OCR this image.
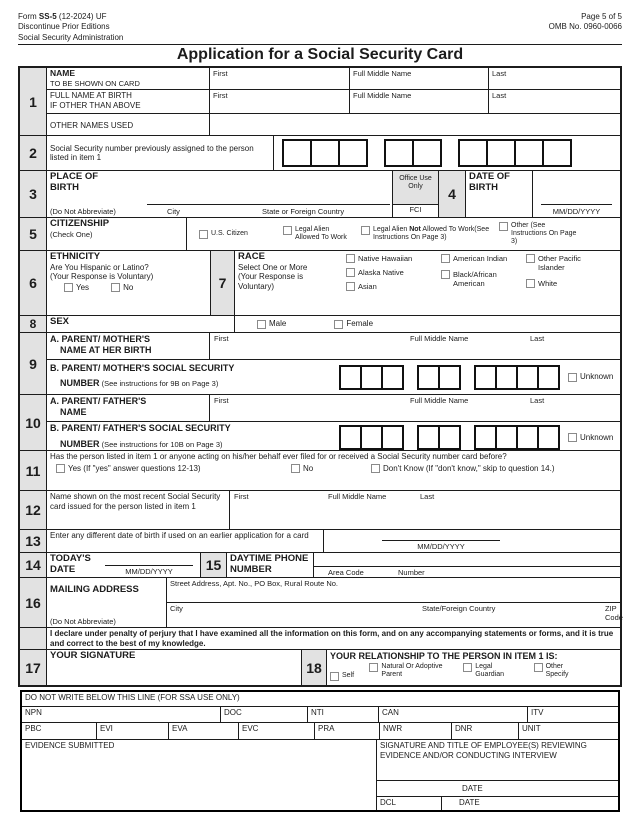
Form SS-5 (12-2024) UF
Discontinue Prior Editions
Social Security Administration
Page 5 of 5
OMB No. 0960-0066
Application for a Social Security Card
1
NAME
TO BE SHOWN ON CARD
First	Full Middle Name	Last
FULL NAME AT BIRTH
IF OTHER THAN ABOVE
First	Full Middle Name	Last
OTHER NAMES USED
2	Social Security number previously assigned to the person listed in item 1
3
PLACE OF BIRTH
(Do Not Abbreviate)	City	State or Foreign Country
Office Use Only
FCI
4
DATE OF BIRTH
MM/DD/YYYY
5
CITIZENSHIP
(Check One)	U.S. Citizen
Legal Alien Allowed To Work
Legal Alien Not Allowed To Work(See Instructions On Page 3)
Other (See Instructions On Page 3)
6
ETHNICITY
Are You Hispanic or Latino?
(Your Response is Voluntary)
Yes	No	7
RACE
Select One or More
(Your Response is Voluntary)
Native Hawaiian
Alaska Native
Asian
American Indian
Black/African American
Other Pacific Islander
White
8	SEX	Male	Female
9
A. PARENT/ MOTHER'S
NAME AT HER BIRTH
First	Full Middle Name	Last
B. PARENT/ MOTHER'S SOCIAL SECURITY
NUMBER (See instructions for 9B on Page 3)
Unknown
10
A. PARENT/ FATHER'S
NAME
First	Full Middle Name	Last
B. PARENT/ FATHER'S SOCIAL SECURITY
NUMBER (See instructions for 10B on Page 3)
Unknown
11
Has the person listed in item 1 or anyone acting on his/her behalf ever filed for or received a Social Security number card before?
Yes (If "yes" answer questions 12-13)	No	Don't Know (If "don't know," skip to question 14.)
12
Name shown on the most recent Social Security card issued for the person listed in item 1
First	Full Middle Name	Last
13	Enter any different date of birth if used on an earlier application for a card
MM/DD/YYYY
14 TODAY'S DATE	MM/DD/YYYY	15 DAYTIME PHONE NUMBER	Area Code	Number
16
MAILING ADDRESS
(Do Not Abbreviate)
Street Address, Apt. No., PO Box, Rural Route No.
City	State/Foreign Country	ZIP Code
I declare under penalty of perjury that I have examined all the information on this form, and on any accompanying statements or forms, and it is true and correct to the best of my knowledge.
17
YOUR SIGNATURE
18
YOUR RELATIONSHIP TO THE PERSON IN ITEM 1 IS:
Self
Natural Or Adoptive Parent
Legal Guardian
Other
Specify
DO NOT WRITE BELOW THIS LINE (FOR SSA USE ONLY)
NPN	DOC	NTI	CAN	ITV
PBC	EVI	EVA	EVC	PRA	NWR	DNR	UNIT
EVIDENCE SUBMITTED	SIGNATURE AND TITLE OF EMPLOYEE(S) REVIEWING EVIDENCE AND/OR CONDUCTING INTERVIEW
DATE
DCL	DATE
